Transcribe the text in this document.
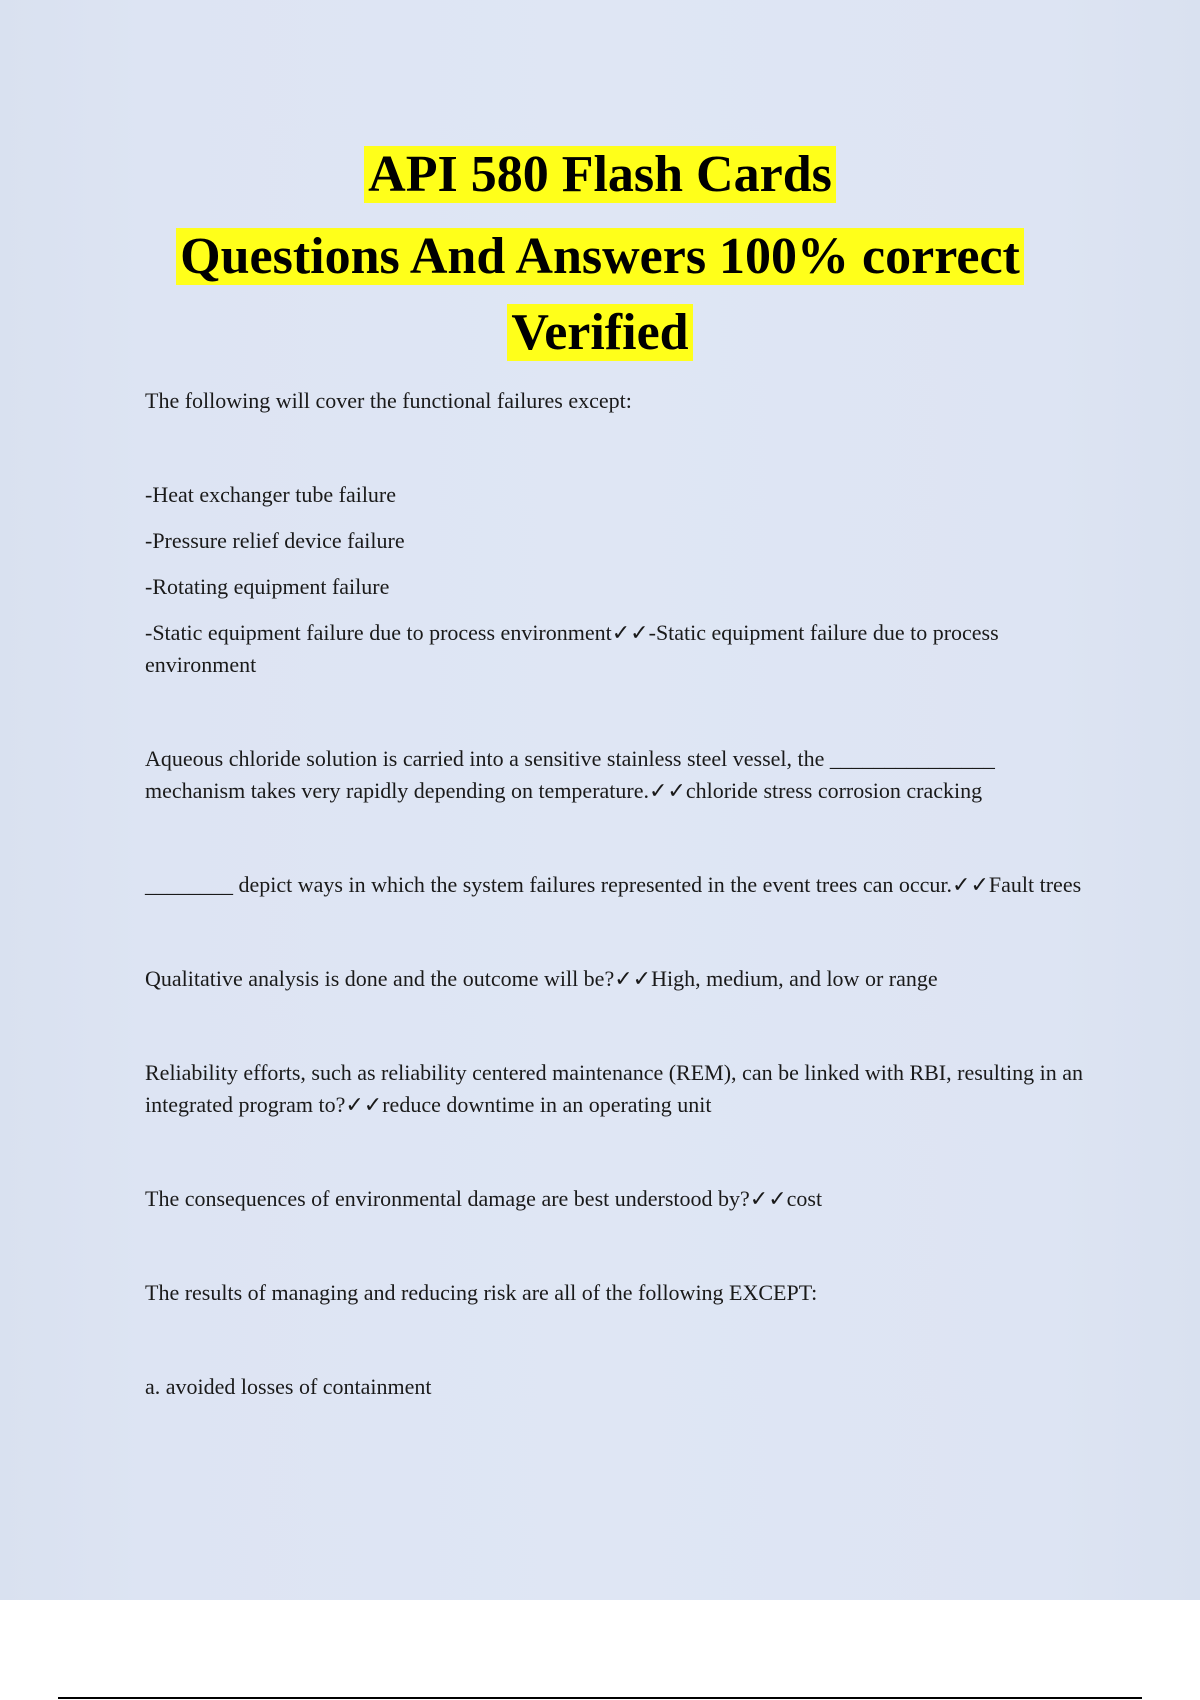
API 580 Flash Cards
Questions And Answers 100% correct Verified

The following will cover the functional failures except:

-Heat exchanger tube failure

-Pressure relief device failure

-Rotating equipment failure

-Static equipment failure due to process environment✓✓-Static equipment failure due to process environment

Aqueous chloride solution is carried into a sensitive stainless steel vessel, the _______________ mechanism takes very rapidly depending on temperature.✓✓chloride stress corrosion cracking

________ depict ways in which the system failures represented in the event trees can occur.✓✓Fault trees

Qualitative analysis is done and the outcome will be?✓✓High, medium, and low or range

Reliability efforts, such as reliability centered maintenance (REM), can be linked with RBI, resulting in an integrated program to?✓✓reduce downtime in an operating unit

The consequences of environmental damage are best understood by?✓✓cost

The results of managing and reducing risk are all of the following EXCEPT:

a. avoided losses of containment
